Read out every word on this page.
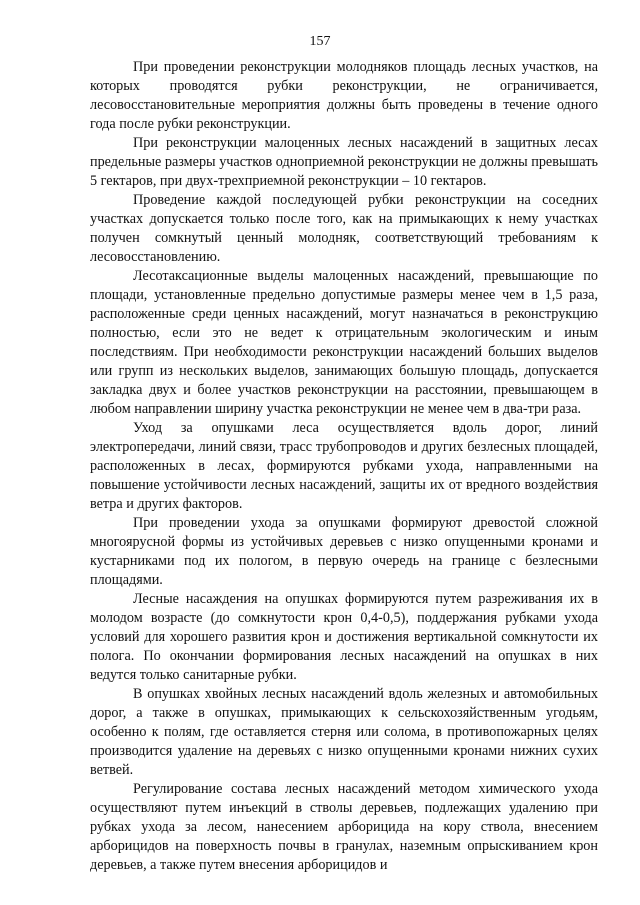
157

При проведении реконструкции молодняков площадь лесных участков, на которых проводятся рубки реконструкции, не ограничивается, лесовосстановительные мероприятия должны быть проведены в течение одного года после рубки реконструкции.

При реконструкции малоценных лесных насаждений в защитных лесах предельные размеры участков одноприемной реконструкции не должны превышать 5 гектаров, при двух-трехприемной реконструкции – 10 гектаров.

Проведение каждой последующей рубки реконструкции на соседних участках допускается только после того, как на примыкающих к нему участках получен сомкнутый ценный молодняк, соответствующий требованиям к лесовосстановлению.

Лесотаксационные выделы малоценных насаждений, превышающие по площади, установленные предельно допустимые размеры менее чем в 1,5 раза, расположенные среди ценных насаждений, могут назначаться в реконструкцию полностью, если это не ведет к отрицательным экологическим и иным последствиям. При необходимости реконструкции насаждений больших выделов или групп из нескольких выделов, занимающих большую площадь, допускается закладка двух и более участков реконструкции на расстоянии, превышающем в любом направлении ширину участка реконструкции не менее чем в два-три раза.

Уход за опушками леса осуществляется вдоль дорог, линий электропередачи, линий связи, трасс трубопроводов и других безлесных площадей, расположенных в лесах, формируются рубками ухода, направленными на повышение устойчивости лесных насаждений, защиты их от вредного воздействия ветра и других факторов.

При проведении ухода за опушками формируют древостой сложной многоярусной формы из устойчивых деревьев с низко опущенными кронами и кустарниками под их пологом, в первую очередь на границе с безлесными площадями.

Лесные насаждения на опушках формируются путем разреживания их в молодом возрасте (до сомкнутости крон 0,4-0,5), поддержания рубками ухода условий для хорошего развития крон и достижения вертикальной сомкнутости их полога. По окончании формирования лесных насаждений на опушках в них ведутся только санитарные рубки.

В опушках хвойных лесных насаждений вдоль железных и автомобильных дорог, а также в опушках, примыкающих к сельскохозяйственным угодьям, особенно к полям, где оставляется стерня или солома, в противопожарных целях производится удаление на деревьях с низко опущенными кронами нижних сухих ветвей.

Регулирование состава лесных насаждений методом химического ухода осуществляют путем инъекций в стволы деревьев, подлежащих удалению при рубках ухода за лесом, нанесением арборицида на кору ствола, внесением арборицидов на поверхность почвы в гранулах, наземным опрыскиванием крон деревьев, а также путем внесения арборицидов и
